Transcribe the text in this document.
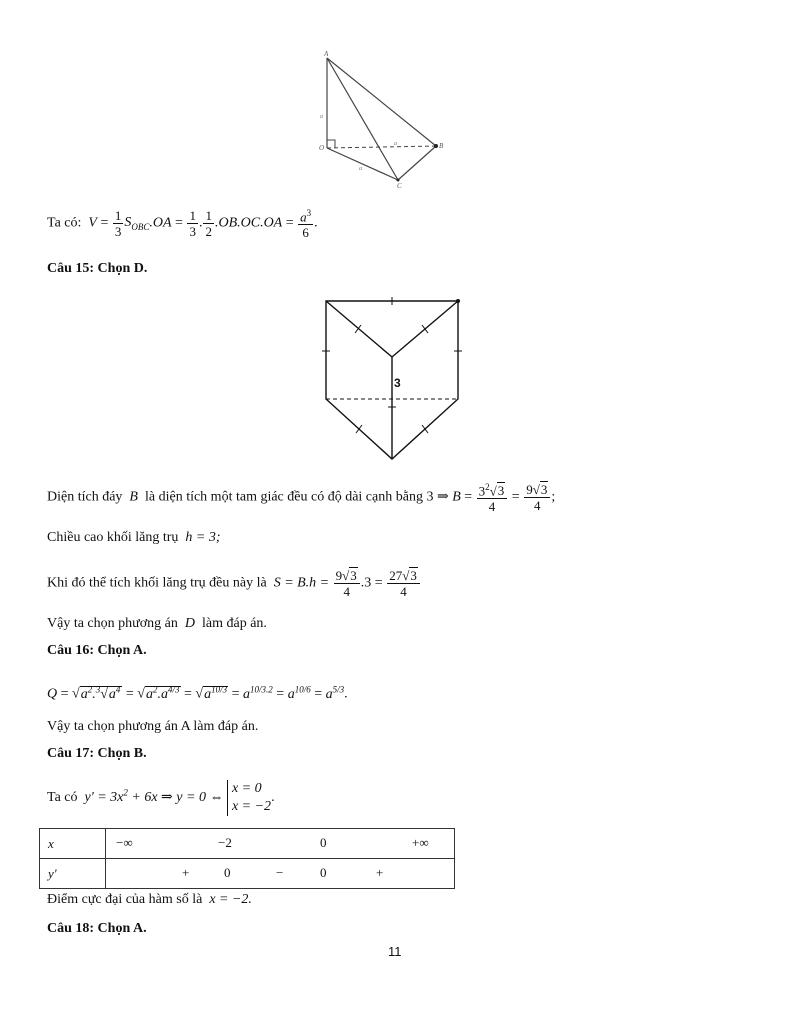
A
O	B
C
a
a
a
Ta có: $V = \frac{1}{3} S_{OBC}.OA = \frac{1}{3}$ . $\frac{1}{2} .OB.OC.OA = \frac{a^3}{6}$ .
Câu 15: Chọn D.
3
Diện tích đáy B là diện tích một tam giác đều có độ dài cạnh bằng 3 ⇒ $B = \frac{3^2√3}{4} = \frac{9√3}{4}$ ;
Chiều cao khối lăng trụ h = 3;
Khi đó thể tích khối lăng trụ đều này là $S = B.h = \frac{9√3}{4} .3 = \frac{27√3}{4}$
Vậy ta chọn phương án D làm đáp án.
Câu 16: Chọn A.
$Q = √a^2.^3√a^4 = √a^2.a^{4/3} = √a^{10/3} = a^{10/3.2} = a^{10/6} = a^{5/3}$.
Vậy ta chọn phương án A làm đáp án.
Câu 17: Chọn B.
Ta có $y' = 3x^2 + 6x$ ⇒ y = 0 ⇔
x = 0
x = −2
.
x	−∞ −2 0 +∞

y'	+ 0 − 0 +
Điểm cực đại của hàm số là x = −2.
Câu 18: Chọn A.
11
